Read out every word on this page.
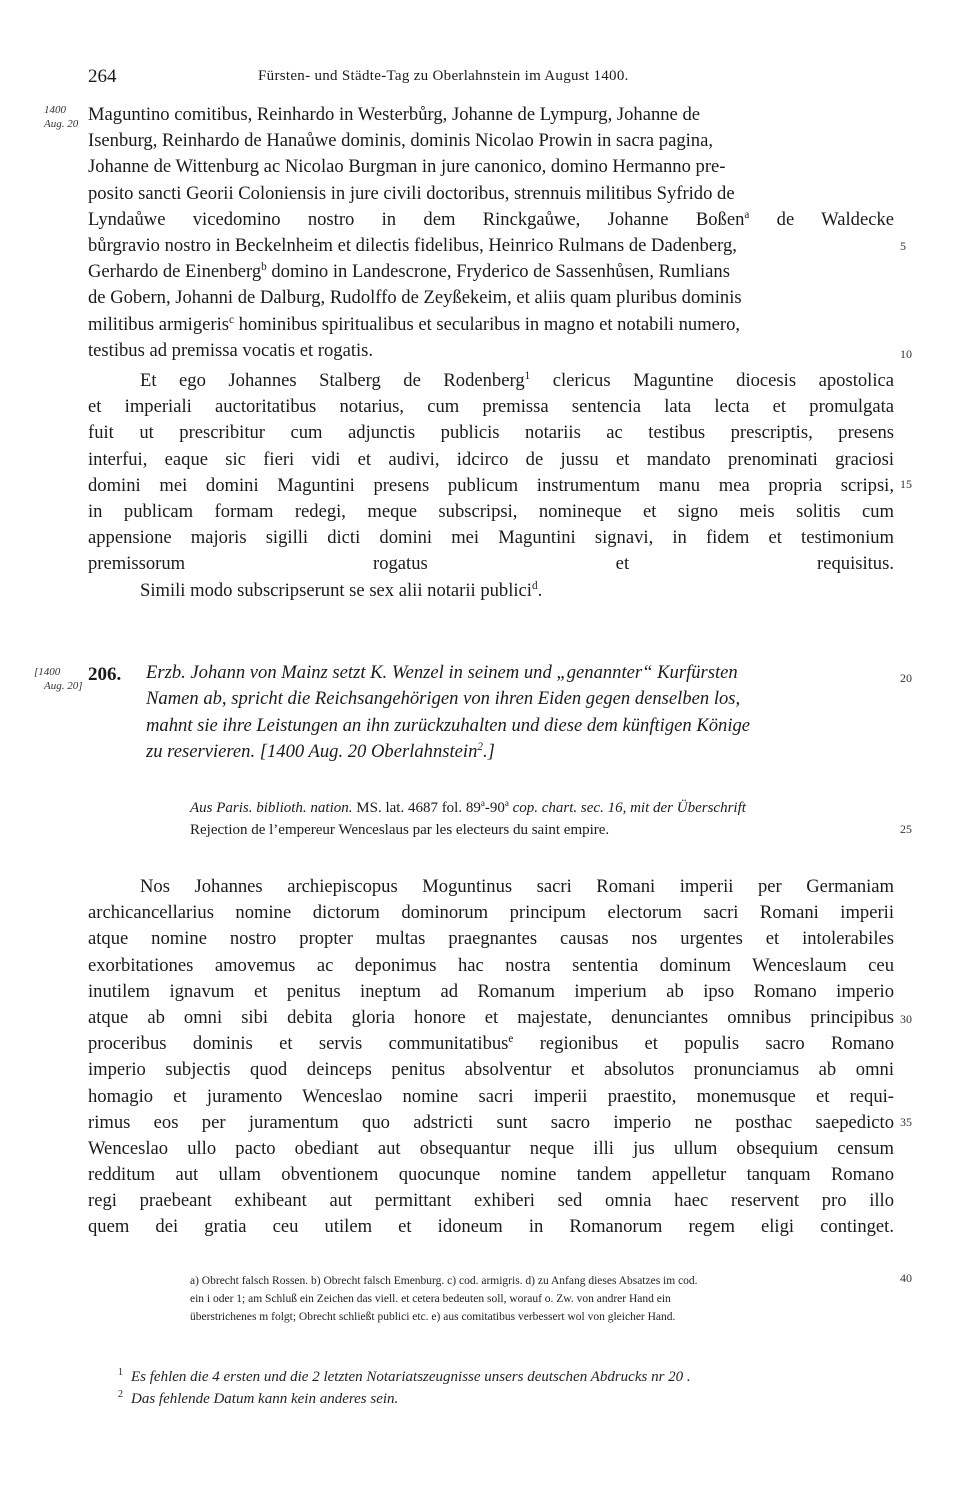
264	Fürsten- und Städte-Tag zu Oberlahnstein im August 1400.
1400
Aug. 20
[1400
Aug. 20]
5
10
15
20
25
30
35
40
Maguntino comitibus, Reinhardo in Westerbůrg, Johanne de Lympurg, Johanne de
Isenburg, Reinhardo de Hanaůwe dominis, dominis Nicolao Prowin in sacra pagina,
Johanne de Wittenburg ac Nicolao Burgman in jure canonico, domino Hermanno pre-
posito sancti Georii Coloniensis in jure civili doctoribus, strennuis militibus Syfrido de
Lyndaůwe vicedomino nostro in dem Rinckgaůwe, Johanne Boßen$^a$ de Waldecke
bůrgravio nostro in Beckelnheim et dilectis fidelibus, Heinrico Rulmans de Dadenberg,
Gerhardo de Einenberg$^b$ domino in Landescrone, Fryderico de Sassenhůsen, Rumlians
de Gobern, Johanni de Dalburg, Rudolffo de Zeyßekeim, et aliis quam pluribus dominis
militibus armigeris$^c$ hominibus spiritualibus et secularibus in magno et notabili numero,
testibus ad premissa vocatis et rogatis.
Et ego Johannes Stalberg de Rodenberg$^1$ clericus Maguntine diocesis apostolica
et imperiali auctoritatibus notarius, cum premissa sentencia lata lecta et promulgata
fuit ut prescribitur cum adjunctis publicis notariis ac testibus prescriptis, presens
interfui, eaque sic fieri vidi et audivi, idcirco de jussu et mandato prenominati graciosi
domini mei domini Maguntini presens publicum instrumentum manu mea propria scripsi,
in publicam formam redegi, meque subscripsi, nomineque et signo meis solitis cum
appensione majoris sigilli dicti domini mei Maguntini signavi, in fidem et testimonium
premissorum rogatus et requisitus.
Simili modo subscripserunt se sex alii notarii publici$^d$.
206. Erzb. Johann von Mainz setzt K. Wenzel in seinem und „genannter“ Kurfürsten
Namen ab, spricht die Reichsangehörigen von ihren Eiden gegen denselben los,
mahnt sie ihre Leistungen an ihn zurückzuhalten und diese dem künftigen Könige
zu reservieren. [1400 Aug. 20 Oberlahnstein$^2$.]
Aus Paris. biblioth. nation. MS. lat. 4687 fol. 89$^a$-90$^a$ cop. chart. sec. 16, mit der Überschrift
Rejection de l’empereur Wenceslaus par les electeurs du saint empire.
Nos Johannes archiepiscopus Moguntinus sacri Romani imperii per Germaniam
archicancellarius nomine dictorum dominorum principum electorum sacri Romani imperii
atque nomine nostro propter multas praegnantes causas nos urgentes et intolerabiles
exorbitationes amovemus ac deponimus hac nostra sententia dominum Wenceslaum ceu
inutilem ignavum et penitus ineptum ad Romanum imperium ab ipso Romano imperio
atque ab omni sibi debita gloria honore et majestate, denunciantes omnibus principibus
proceribus dominis et servis communitatibus$^e$ regionibus et populis sacro Romano
imperio subjectis quod deinceps penitus absolventur et absolutos pronunciamus ab omni
homagio et juramento Wenceslao nomine sacri imperii praestito, monemusque et requi-
rimus eos per juramentum quo adstricti sunt sacro imperio ne posthac saepedicto
Wenceslao ullo pacto obediant aut obsequantur neque illi jus ullum obsequium censum
redditum aut ullam obventionem quocunque nomine tandem appelletur tanquam Romano
regi praebeant exhibeant aut permittant exhiberi sed omnia haec reservent pro illo
quem dei gratia ceu utilem et idoneum in Romanorum regem eligi continget.
a) Obrecht falsch Rossen. b) Obrecht falsch Emenburg. c) cod. armigris. d) zu Anfang dieses Absatzes im cod.
ein i oder 1; am Schluß ein Zeichen das viell. et cetera bedeuten soll, worauf o. Zw. von andrer Hand ein
überstrichenes m folgt; Obrecht schließt publici etc. e) aus comitatibus verbessert wol von gleicher Hand.
$^1$ Es fehlen die 4 ersten und die 2 letzten Notariatszeugnisse unsers deutschen Abdrucks nr 20 .
$^2$ Das fehlende Datum kann kein anderes sein.
